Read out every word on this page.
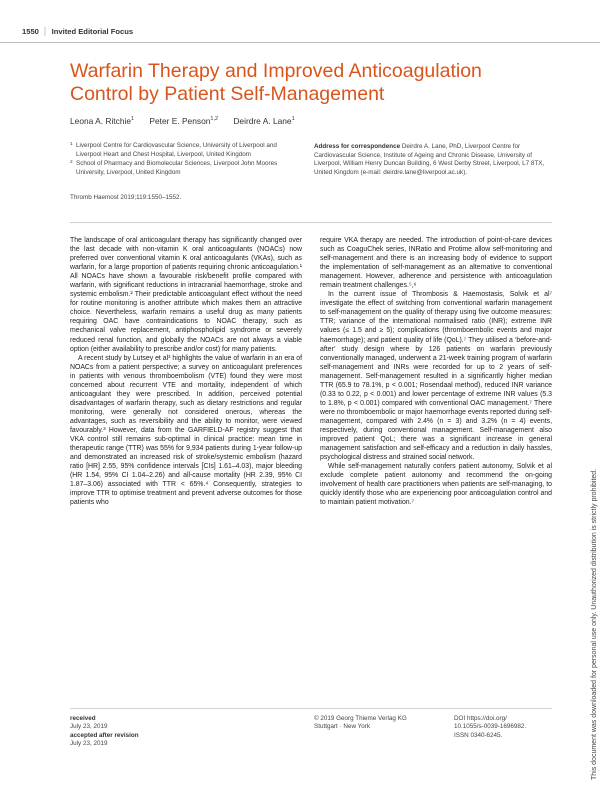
1550 │ Invited Editorial Focus
Warfarin Therapy and Improved Anticoagulation Control by Patient Self-Management
Leona A. Ritchie$^1$ Peter E. Penson$^{1,2}$ Deirdre A. Lane$^1$
1 Liverpool Centre for Cardiovascular Science, University of Liverpool and Liverpool Heart and Chest Hospital, Liverpool, United Kingdom
2 School of Pharmacy and Biomolecular Sciences, Liverpool John Moores University, Liverpool, United Kingdom
Thromb Haemost 2019;119:1550–1552.
Address for correspondence Deirdre A. Lane, PhD, Liverpool Centre for Cardiovascular Science, Institute of Ageing and Chronic Disease, University of Liverpool, William Henry Duncan Building, 6 West Derby Street, Liverpool, L7 8TX, United Kingdom (e-mail: deirdre.lane@liverpool.ac.uk).

The landscape of oral anticoagulant therapy has significantly changed over the last decade with non-vitamin K oral anticoagulants (NOACs) now preferred over conventional vitamin K oral anticoagulants (VKAs), such as warfarin, for a large proportion of patients requiring chronic anticoagulation.¹ All NOACs have shown a favourable risk/benefit profile compared with warfarin, with significant reductions in intracranial haemorrhage, stroke and systemic embolism.² Their predictable anticoagulant effect without the need for routine monitoring is another attribute which makes them an attractive choice. Nevertheless, warfarin remains a useful drug as many patients requiring OAC have contraindications to NOAC therapy, such as mechanical valve replacement, antiphospholipid syndrome or severely reduced renal function, and globally the NOACs are not always a viable option (either availability to prescribe and/or cost) for many patients.

A recent study by Lutsey et al³ highlights the value of warfarin in an era of NOACs from a patient perspective; a survey on anticoagulant preferences in patients with venous thromboembolism (VTE) found they were most concerned about recurrent VTE and mortality, independent of which anticoagulant they were prescribed. In addition, perceived potential disadvantages of warfarin therapy, such as dietary restrictions and regular monitoring, were generally not considered onerous, whereas the advantages, such as reversibility and the ability to monitor, were viewed favourably.³ However, data from the GARFIELD-AF registry suggest that VKA control still remains sub-optimal in clinical practice: mean time in therapeutic range (TTR) was 55% for 9,934 patients during 1-year follow-up and demonstrated an increased risk of stroke/systemic embolism (hazard ratio [HR] 2.55, 95% confidence intervals [CIs] 1.61–4.03), major bleeding (HR 1.54, 95% CI 1.04–2.26) and all-cause mortality (HR 2.39, 95% CI 1.87–3.06) associated with TTR < 65%.⁴ Consequently, strategies to improve TTR to optimise treatment and prevent adverse outcomes for those patients who

require VKA therapy are needed. The introduction of point-of-care devices such as CoaguChek series, INRatio and Protime allow self-monitoring and self-management and there is an increasing body of evidence to support the implementation of self-management as an alternative to conventional management. However, adherence and persistence with anticoagulation remain treatment challenges.⁵,⁶

In the current issue of Thrombosis & Haemostasis, Solvik et al⁷ investigate the effect of switching from conventional warfarin management to self-management on the quality of therapy using five outcome measures: TTR; variance of the international normalised ratio (INR); extreme INR values (≤ 1.5 and ≥ 5); complications (thromboembolic events and major haemorrhage); and patient quality of life (QoL).⁷ They utilised a ‘before-and-after’ study design where by 126 patients on warfarin previously conventionally managed, underwent a 21-week training program of warfarin self-management and INRs were recorded for up to 2 years of self-management. Self-management resulted in a significantly higher median TTR (65.9 to 78.1%, p < 0.001; Rosendaal method), reduced INR variance (0.33 to 0.22, p < 0.001) and lower percentage of extreme INR values (5.3 to 1.8%, p < 0.001) compared with conventional OAC management.⁷ There were no thromboembolic or major haemorrhage events reported during self-management, compared with 2.4% (n = 3) and 3.2% (n = 4) events, respectively, during conventional management. Self-management also improved patient QoL; there was a significant increase in general management satisfaction and self-efficacy and a reduction in daily hassles, psychological distress and strained social network.

While self-management naturally confers patient autonomy, Solvik et al exclude complete patient autonomy and recommend the on-going involvement of health care practitioners when patients are self-managing, to quickly identify those who are experiencing poor anticoagulation control and to maintain patient motivation.⁷

received
July 23, 2019
accepted after revision
July 23, 2019
© 2019 Georg Thieme Verlag KG
Stuttgart · New York
DOI https://doi.org/
10.1055/s-0039-1696982.
ISSN 0340-6245.	This document was downloaded for personal use only. Unauthorized distribution is strictly prohibited.
